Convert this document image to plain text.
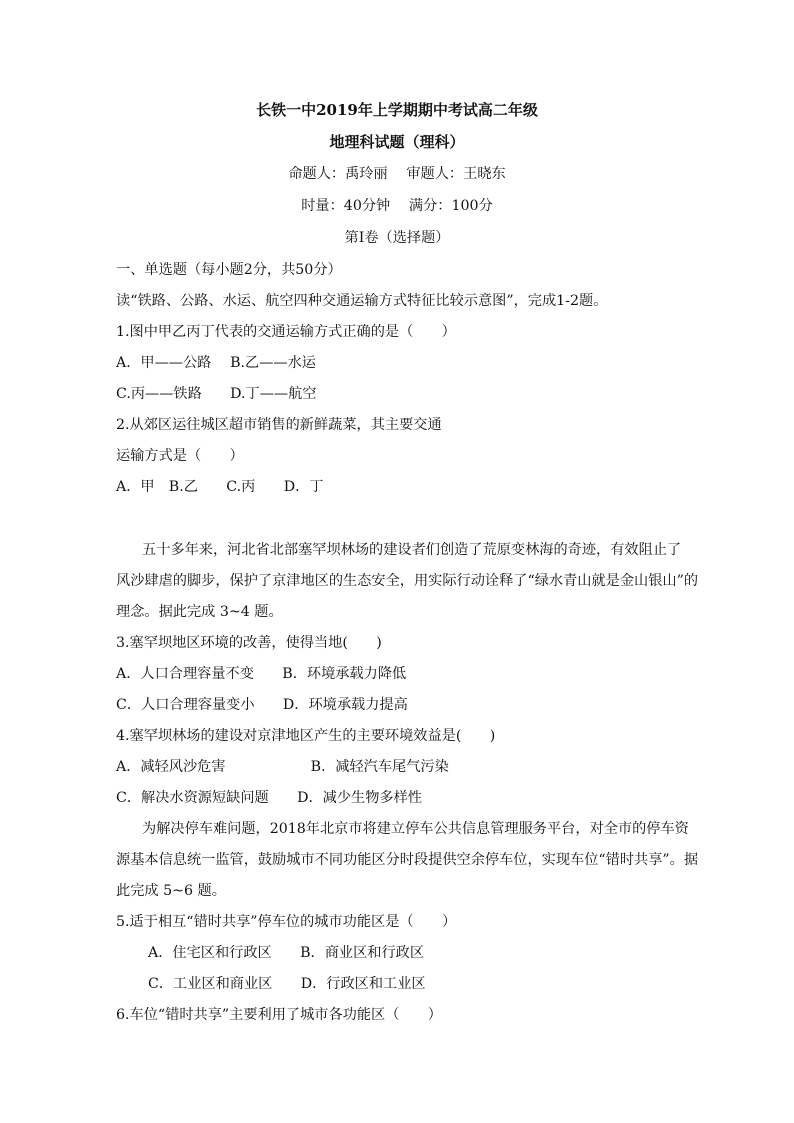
长铁一中2019年上学期期中考试高二年级
地理科试题（理科）
命题人：禹玲丽　 审题人：王晓东
时量：40分钟　 满分：100分
第Ⅰ卷（选择题）
一、单选题（每小题2分，共50分）
读“铁路、公路、水运、航空四种交通运输方式特征比较示意图”，完成1-2题。
1.图中甲乙丙丁代表的交通运输方式正确的是（　　）
A．甲——公路　 B.乙——水运
C.丙——铁路　　D.丁——航空
2.从郊区运往城区超市销售的新鲜蔬菜，其主要交通
运输方式是（　　）
A．甲　B.乙　　C.丙　　D．丁
五十多年来，河北省北部塞罕坝林场的建设者们创造了荒原变林海的奇迹，有效阻止了
风沙肆虐的脚步，保护了京津地区的生态安全，用实际行动诠释了“绿水青山就是金山银山”的
理念。据此完成 3~4 题。
3.塞罕坝地区环境的改善，使得当地(　　)
A．人口合理容量不变　　B．环境承载力降低
C．人口合理容量变小　　D．环境承载力提高
4.塞罕坝林场的建设对京津地区产生的主要环境效益是(　　)
A．减轻风沙危害　　　　　　B．减轻汽车尾气污染
C．解决水资源短缺问题　　D．减少生物多样性
为解决停车难问题，2018年北京市将建立停车公共信息管理服务平台，对全市的停车资
源基本信息统一监管，鼓励城市不同功能区分时段提供空余停车位，实现车位“错时共享”。据
此完成 5~6 题。
5.适于相互“错时共享”停车位的城市功能区是（　　）
A．住宅区和行政区　　B．商业区和行政区
C．工业区和商业区　　D．行政区和工业区
6.车位“错时共享”主要利用了城市各功能区（　　）
